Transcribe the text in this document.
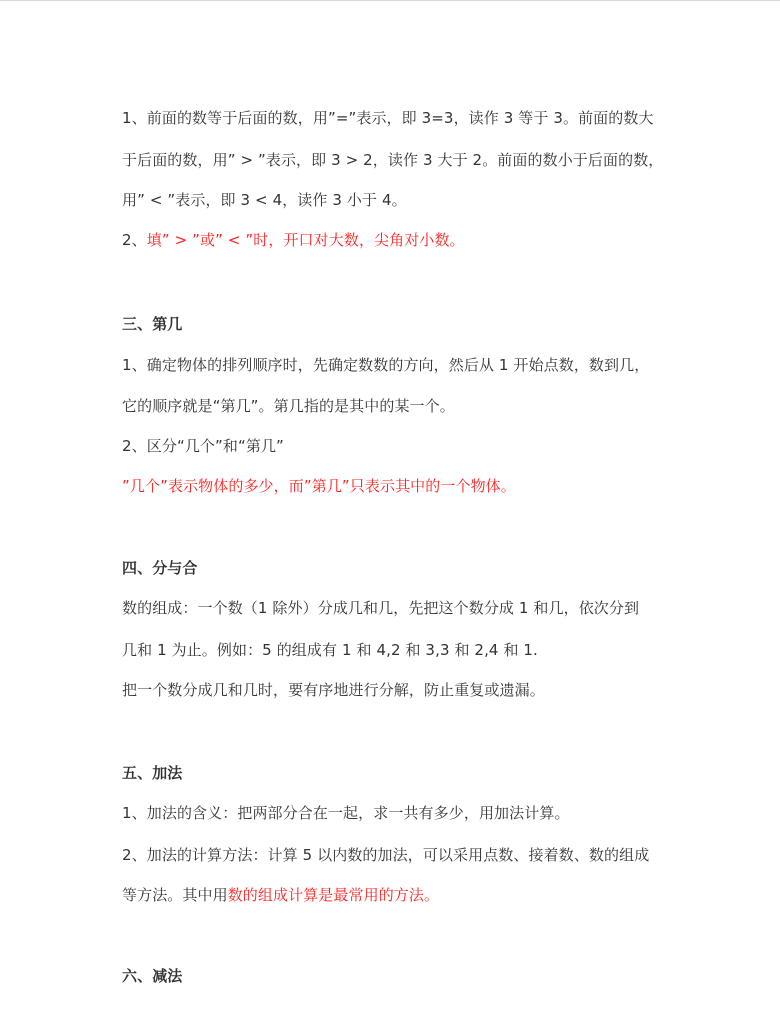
1、前面的数等于后面的数，用”=”表示，即 3=3，读作 3 等于 3。前面的数大
于后面的数，用” > ”表示，即 3 > 2，读作 3 大于 2。前面的数小于后面的数，
用” < ”表示，即 3 < 4，读作 3 小于 4。
2、填” > ”或” < ”时，开口对大数，尖角对小数。
三、第几
1、确定物体的排列顺序时，先确定数数的方向，然后从 1 开始点数，数到几，
它的顺序就是“第几”。第几指的是其中的某一个。
2、区分“几个”和“第几”
”几个”表示物体的多少，而”第几”只表示其中的一个物体。
四、分与合
数的组成：一个数（1 除外）分成几和几，先把这个数分成 1 和几，依次分到
几和 1 为止。例如：5 的组成有 1 和 4,2 和 3,3 和 2,4 和 1.
把一个数分成几和几时，要有序地进行分解，防止重复或遗漏。
五、加法
1、加法的含义：把两部分合在一起，求一共有多少，用加法计算。
2、加法的计算方法：计算 5 以内数的加法，可以采用点数、接着数、数的组成
等方法。其中用数的组成计算是最常用的方法。
六、减法
